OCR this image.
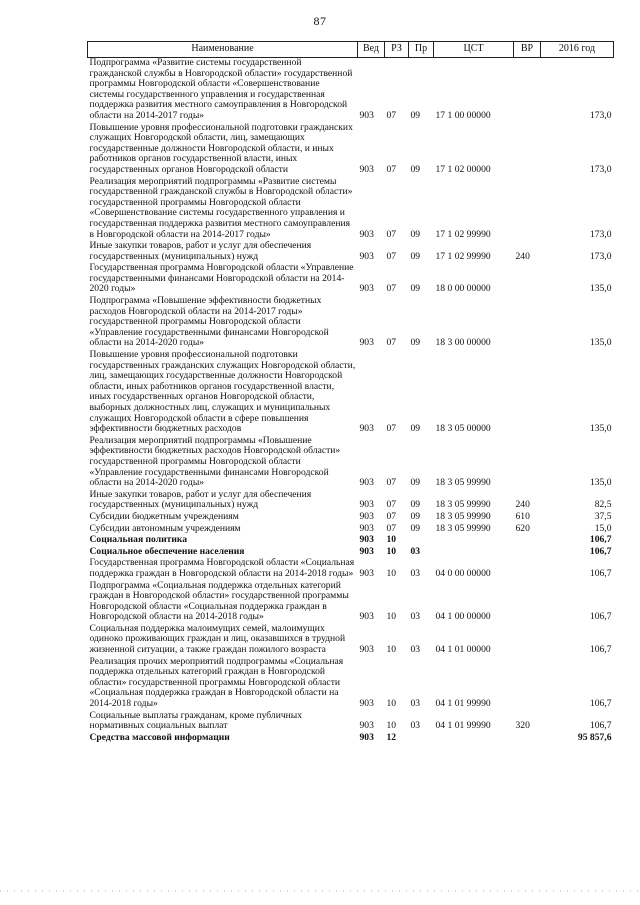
87
Наименование	Вед	РЗ	Пр	ЦСТ	ВР	2016 год
Подпрограмма «Развитие системы государственной гражданской службы в Новгородской области» государственной программы Новгородской области «Совершенствование системы государственного управления и государственная поддержка развития местного самоуправления в Новгородской области на 2014-2017 годы»	903	07	09	17 1 00 00000		173,0
Повышение уровня профессиональной подготовки гражданских служащих Новгородской области, лиц, замещающих государственные должности Новгородской области, и иных работников органов государственной власти, иных государственных органов Новгородской области	903	07	09	17 1 02 00000		173,0
Реализация мероприятий подпрограммы «Развитие системы государственной гражданской службы в Новгородской области» государственной программы Новгородской области «Совершенствование системы государственного управления и государственная поддержка развития местного самоуправления в Новгородской области на 2014-2017 годы»	903	07	09	17 1 02 99990		173,0
Иные закупки товаров, работ и услуг для обеспечения государственных (муниципальных) нужд	903	07	09	17 1 02 99990	240	173,0
Государственная программа Новгородской области «Управление государственными финансами Новгородской области на 2014-2020 годы»	903	07	09	18 0 00 00000		135,0
Подпрограмма «Повышение эффективности бюджетных расходов Новгородской области на 2014-2017 годы» государственной программы Новгородской области «Управление государственными финансами Новгородской области на 2014-2020 годы»	903	07	09	18 3 00 00000		135,0
Повышение уровня профессиональной подготовки государственных гражданских служащих Новгородской области, лиц, замещающих государственные должности Новгородской области, иных работников органов государственной власти, иных государственных органов Новгородской области, выборных должностных лиц, служащих и муниципальных служащих Новгородской области в сфере повышения эффективности бюджетных расходов	903	07	09	18 3 05 00000		135,0
Реализация мероприятий подпрограммы «Повышение эффективности бюджетных расходов Новгородской области» государственной программы Новгородской области «Управление государственными финансами Новгородской области на 2014-2020 годы»	903	07	09	18 3 05 99990		135,0
Иные закупки товаров, работ и услуг для обеспечения государственных (муниципальных) нужд	903	07	09	18 3 05 99990	240	82,5
Субсидии бюджетным учреждениям	903	07	09	18 3 05 99990	610	37,5
Субсидии автономным учреждениям	903	07	09	18 3 05 99990	620	15,0
Социальная политика	903	10				106,7
Социальное обеспечение населения	903	10	03			106,7
Государственная программа Новгородской области «Социальная поддержка граждан в Новгородской области на 2014-2018 годы»	903	10	03	04 0 00 00000		106,7
Подпрограмма «Социальная поддержка отдельных категорий граждан в Новгородской области» государственной программы Новгородской области «Социальная поддержка граждан в Новгородской области на 2014-2018 годы»	903	10	03	04 1 00 00000		106,7
Социальная поддержка малоимущих семей, малоимущих одиноко проживающих граждан и лиц, оказавшихся в трудной жизненной ситуации, а также граждан пожилого возраста	903	10	03	04 1 01 00000		106,7
Реализация прочих мероприятий подпрограммы «Социальная поддержка отдельных категорий граждан в Новгородской области» государственной программы Новгородской области «Социальная поддержка граждан в Новгородской области на 2014-2018 годы»	903	10	03	04 1 01 99990		106,7
Социальные выплаты гражданам, кроме публичных нормативных социальных выплат	903	10	03	04 1 01 99990	320	106,7
Средства массовой информации	903	12				95 857,6
